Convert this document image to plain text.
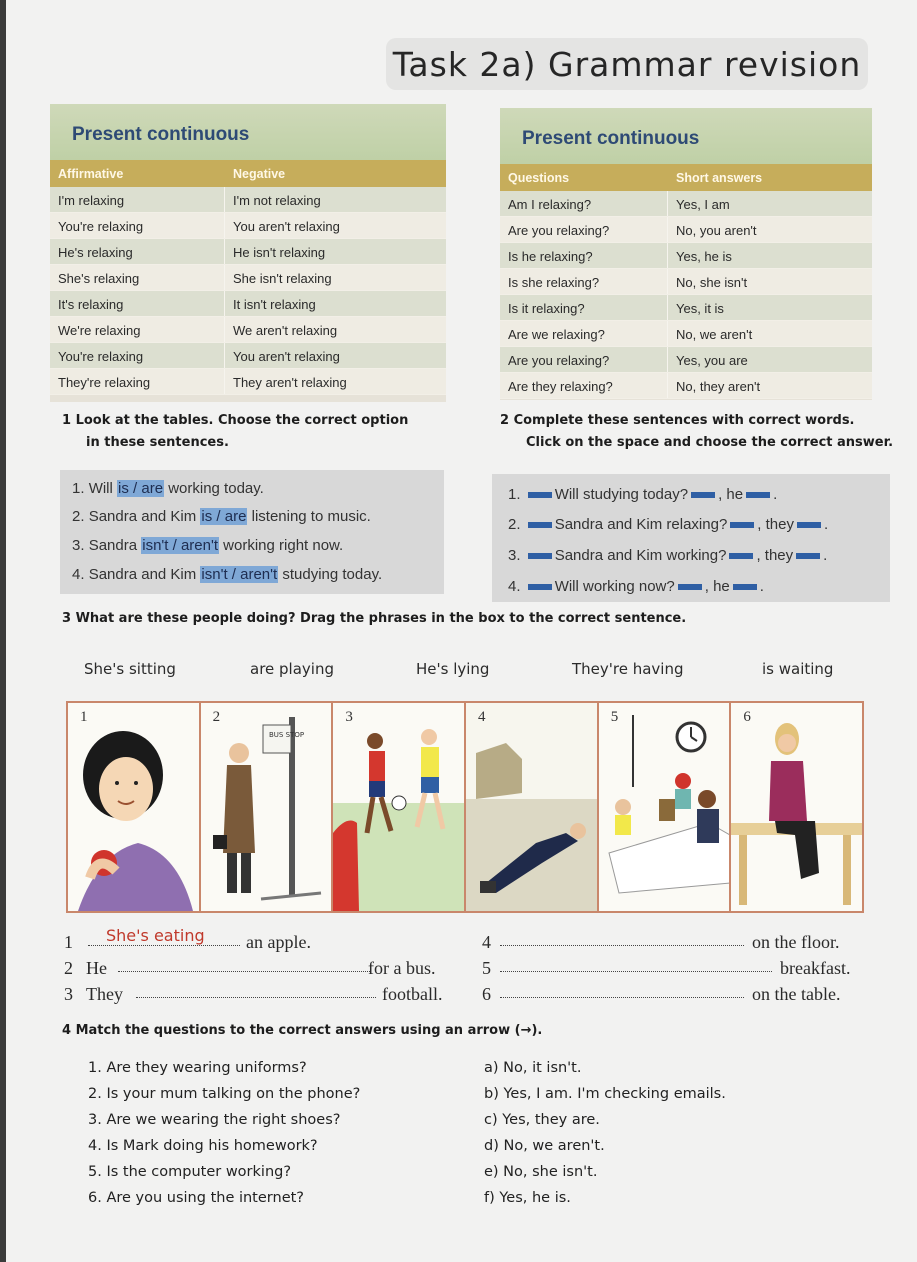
Task 2a) Grammar revision
Present continuous
Affirmative	Negative
I'm relaxing	I'm not relaxing
You're relaxing	You aren't relaxing
He's relaxing	He isn't relaxing
She's relaxing	She isn't relaxing
It's relaxing	It isn't relaxing
We're relaxing	We aren't relaxing
You're relaxing	You aren't relaxing
They're relaxing	They aren't relaxing
Present continuous
Questions	Short answers
Am I relaxing?	Yes, I am
Are you relaxing?	No, you aren't
Is he relaxing?	Yes, he is
Is she relaxing?	No, she isn't
Is it relaxing?	Yes, it is
Are we relaxing?	No, we aren't
Are you relaxing?	Yes, you are
Are they relaxing?	No, they aren't
1 Look at the tables. Choose the correct option
in these sentences.
2 Complete these sentences with correct words.
Click on the space and choose the correct answer.
1. Will is / are working today.
2. Sandra and Kim is / are listening to music.
3. Sandra isn't / aren't working right now.
4. Sandra and Kim isn't / aren't studying today.
1. Will studying today? , he .
2. Sandra and Kim relaxing? , they .
3. Sandra and Kim working? , they .
4. Will working now? , he .
3 What are these people doing? Drag the phrases in the box to the correct sentence.
She's sitting	are playing	He's lying	They're having	is waiting
1
BUS STOP
2	3	4	5	6
1 She's eating an apple.
2 He	for a bus.
3 They	football.
4	on the floor.
5	breakfast.
6	on the table.
4 Match the questions to the correct answers using an arrow (→).
1. Are they wearing uniforms?
2. Is your mum talking on the phone?
3. Are we wearing the right shoes?
4. Is Mark doing his homework?
5. Is the computer working?
6. Are you using the internet?
a) No, it isn't.
b) Yes, I am. I'm checking emails.
c) Yes, they are.
d) No, we aren't.
e) No, she isn't.
f) Yes, he is.
